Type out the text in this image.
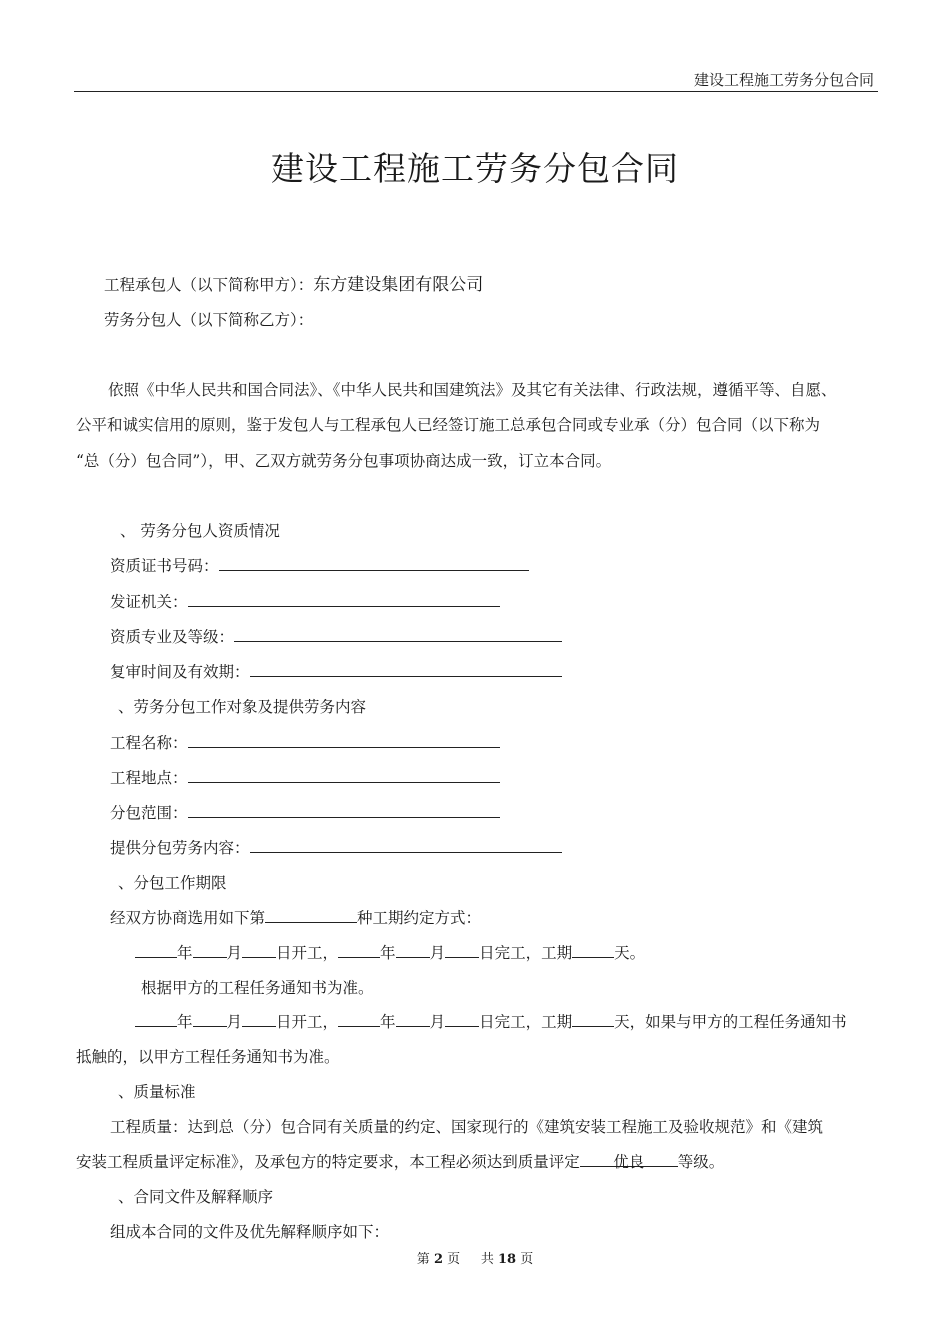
建设工程施工劳务分包合同
建设工程施工劳务分包合同
工程承包人（以下简称甲方）：东方建设集团有限公司
劳务分包人（以下简称乙方）：
依照《中华人民共和国合同法》、《中华人民共和国建筑法》及其它有关法律、行政法规，遵循平等、自愿、
公平和诚实信用的原则，鉴于发包人与工程承包人已经签订施工总承包合同或专业承（分）包合同（以下称为
“总（分）包合同”），甲、乙双方就劳务分包事项协商达成一致，订立本合同。
、 劳务分包人资质情况
资质证书号码：
发证机关：
资质专业及等级：
复审时间及有效期：
、劳务分包工作对象及提供劳务内容
工程名称：
工程地点：
分包范围：
提供分包劳务内容：
、分包工作期限
经双方协商选用如下第	种工期约定方式：
年 月 日开工，	年 月 日完工，工期	天。
根据甲方的工程任务通知书为准。
年 月 日开工，	年 月 日完工，工期	天，如果与甲方的工程任务通知书
抵触的，以甲方工程任务通知书为准。
、质量标准
工程质量：达到总（分）包合同有关质量的约定、国家现行的《建筑安装工程施工及验收规范》和《建筑
安装工程质量评定标准》，及承包方的特定要求，本工程必须达到质量评定 优良 等级。
、合同文件及解释顺序
组成本合同的文件及优先解释顺序如下：
第 2 页 共 18 页
